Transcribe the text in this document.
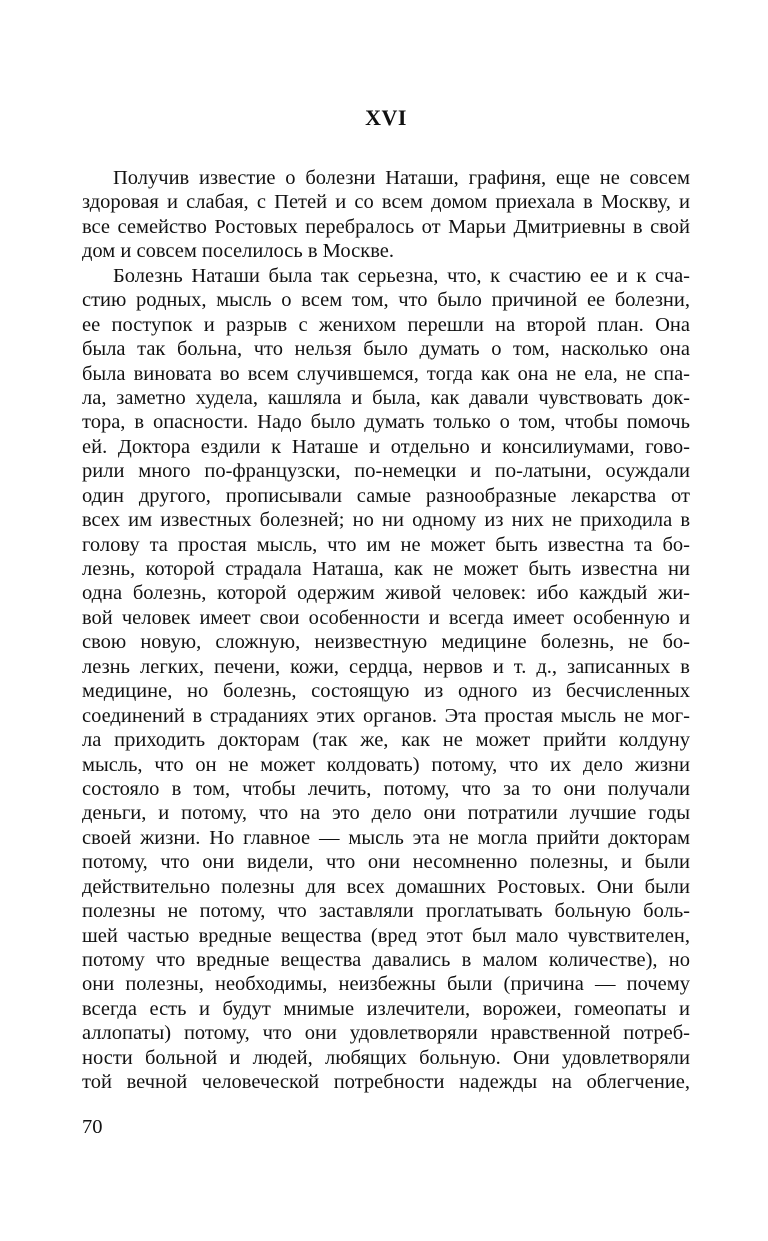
XVI
Получив известие о болезни Наташи, графиня, еще не совсем
здоровая и слабая, с Петей и со всем домом приехала в Москву, и
все семейство Ростовых перебралось от Марьи Дмитриевны в свой
дом и совсем поселилось в Москве.
Болезнь Наташи была так серьезна, что, к счастию ее и к сча-
стию родных, мысль о всем том, что было причиной ее болезни,
ее поступок и разрыв с женихом перешли на второй план. Она
была так больна, что нельзя было думать о том, насколько она
была виновата во всем случившемся, тогда как она не ела, не спа-
ла, заметно худела, кашляла и была, как давали чувствовать док-
тора, в опасности. Надо было думать только о том, чтобы помочь
ей. Доктора ездили к Наташе и отдельно и консилиумами, гово-
рили много по-французски, по-немецки и по-латыни, осуждали
один другого, прописывали самые разнообразные лекарства от
всех им известных болезней; но ни одному из них не приходила в
голову та простая мысль, что им не может быть известна та бо-
лезнь, которой страдала Наташа, как не может быть известна ни
одна болезнь, которой одержим живой человек: ибо каждый жи-
вой человек имеет свои особенности и всегда имеет особенную и
свою новую, сложную, неизвестную медицине болезнь, не бо-
лезнь легких, печени, кожи, сердца, нервов и т. д., записанных в
медицине, но болезнь, состоящую из одного из бесчисленных
соединений в страданиях этих органов. Эта простая мысль не мог-
ла приходить докторам (так же, как не может прийти колдуну
мысль, что он не может колдовать) потому, что их дело жизни
состояло в том, чтобы лечить, потому, что за то они получали
деньги, и потому, что на это дело они потратили лучшие годы
своей жизни. Но главное — мысль эта не могла прийти докторам
потому, что они видели, что они несомненно полезны, и были
действительно полезны для всех домашних Ростовых. Они были
полезны не потому, что заставляли проглатывать больную боль-
шей частью вредные вещества (вред этот был мало чувствителен,
потому что вредные вещества давались в малом количестве), но
они полезны, необходимы, неизбежны были (причина — почему
всегда есть и будут мнимые излечители, ворожеи, гомеопаты и
аллопаты) потому, что они удовлетворяли нравственной потреб-
ности больной и людей, любящих больную. Они удовлетворяли
той вечной человеческой потребности надежды на облегчение,
70
